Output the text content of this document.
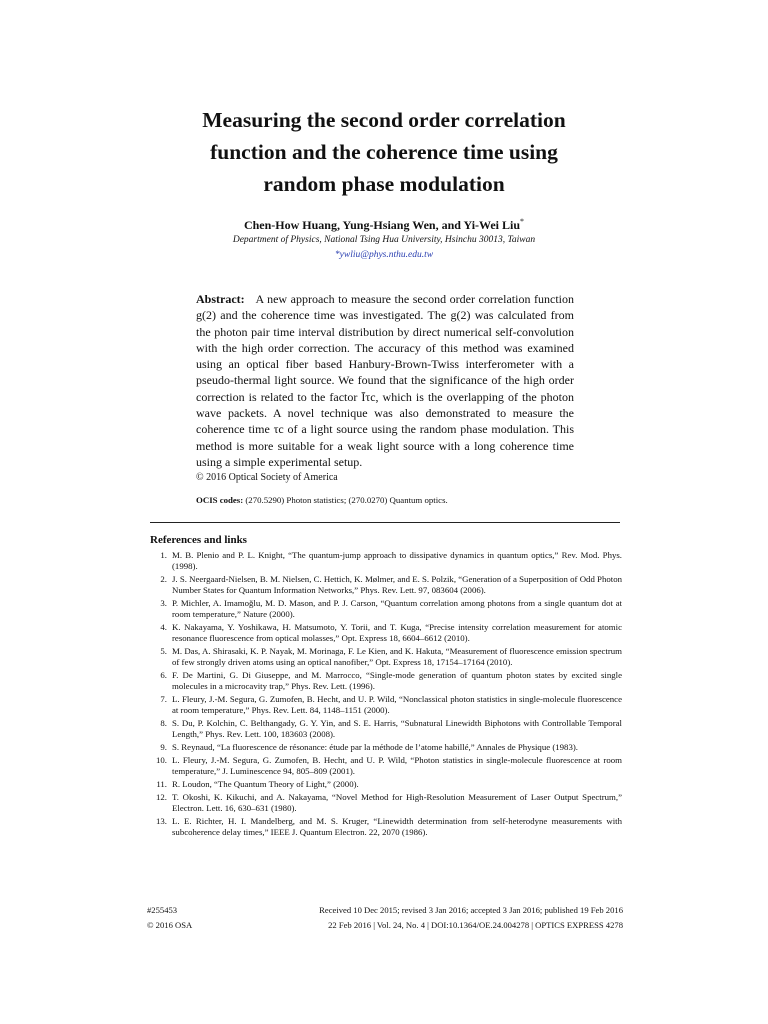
Measuring the second order correlation
function and the coherence time using
random phase modulation
Chen-How Huang, Yung-Hsiang Wen, and Yi-Wei Liu*
Department of Physics, National Tsing Hua University, Hsinchu 30013, Taiwan
*ywliu@phys.nthu.edu.tw
Abstract: A new approach to measure the second order correlation function g(2) and the coherence time was investigated. The g(2) was calculated from the photon pair time interval distribution by direct numerical self-convolution with the high order correction. The accuracy of this method was examined using an optical fiber based Hanbury-Brown-Twiss interferometer with a pseudo-thermal light source. We found that the significance of the high order correction is related to the factor Īτc, which is the overlapping of the photon wave packets. A novel technique was also demonstrated to measure the coherence time τc of a light source using the random phase modulation. This method is more suitable for a weak light source with a long coherence time using a simple experimental setup.
© 2016 Optical Society of America
OCIS codes: (270.5290) Photon statistics; (270.0270) Quantum optics.
References and links
1. M. B. Plenio and P. L. Knight, “The quantum-jump approach to dissipative dynamics in quantum optics,” Rev. Mod. Phys. (1998).
2. J. S. Neergaard-Nielsen, B. M. Nielsen, C. Hettich, K. Mølmer, and E. S. Polzik, “Generation of a Superposition of Odd Photon Number States for Quantum Information Networks,” Phys. Rev. Lett. 97, 083604 (2006).
3. P. Michler, A. Imamoğlu, M. D. Mason, and P. J. Carson, “Quantum correlation among photons from a single quantum dot at room temperature,” Nature (2000).
4. K. Nakayama, Y. Yoshikawa, H. Matsumoto, Y. Torii, and T. Kuga, “Precise intensity correlation measurement for atomic resonance fluorescence from optical molasses,” Opt. Express 18, 6604–6612 (2010).
5. M. Das, A. Shirasaki, K. P. Nayak, M. Morinaga, F. Le Kien, and K. Hakuta, “Measurement of fluorescence emission spectrum of few strongly driven atoms using an optical nanofiber,” Opt. Express 18, 17154–17164 (2010).
6. F. De Martini, G. Di Giuseppe, and M. Marrocco, “Single-mode generation of quantum photon states by excited single molecules in a microcavity trap,” Phys. Rev. Lett. (1996).
7. L. Fleury, J.-M. Segura, G. Zumofen, B. Hecht, and U. P. Wild, “Nonclassical photon statistics in single-molecule fluorescence at room temperature,” Phys. Rev. Lett. 84, 1148–1151 (2000).
8. S. Du, P. Kolchin, C. Belthangady, G. Y. Yin, and S. E. Harris, “Subnatural Linewidth Biphotons with Controllable Temporal Length,” Phys. Rev. Lett. 100, 183603 (2008).
9. S. Reynaud, “La fluorescence de résonance: étude par la méthode de l’atome habillé,” Annales de Physique (1983).
10. L. Fleury, J.-M. Segura, G. Zumofen, B. Hecht, and U. P. Wild, “Photon statistics in single-molecule fluorescence at room temperature,” J. Luminescence 94, 805–809 (2001).
11. R. Loudon, “The Quantum Theory of Light,” (2000).
12. T. Okoshi, K. Kikuchi, and A. Nakayama, “Novel Method for High-Resolution Measurement of Laser Output Spectrum,” Electron. Lett. 16, 630–631 (1980).
13. L. E. Richter, H. I. Mandelberg, and M. S. Kruger, “Linewidth determination from self-heterodyne measurements with subcoherence delay times,” IEEE J. Quantum Electron. 22, 2070 (1986).
#255453
© 2016 OSA
Received 10 Dec 2015; revised 3 Jan 2016; accepted 3 Jan 2016; published 19 Feb 2016
22 Feb 2016 | Vol. 24, No. 4 | DOI:10.1364/OE.24.004278 | OPTICS EXPRESS 4278
